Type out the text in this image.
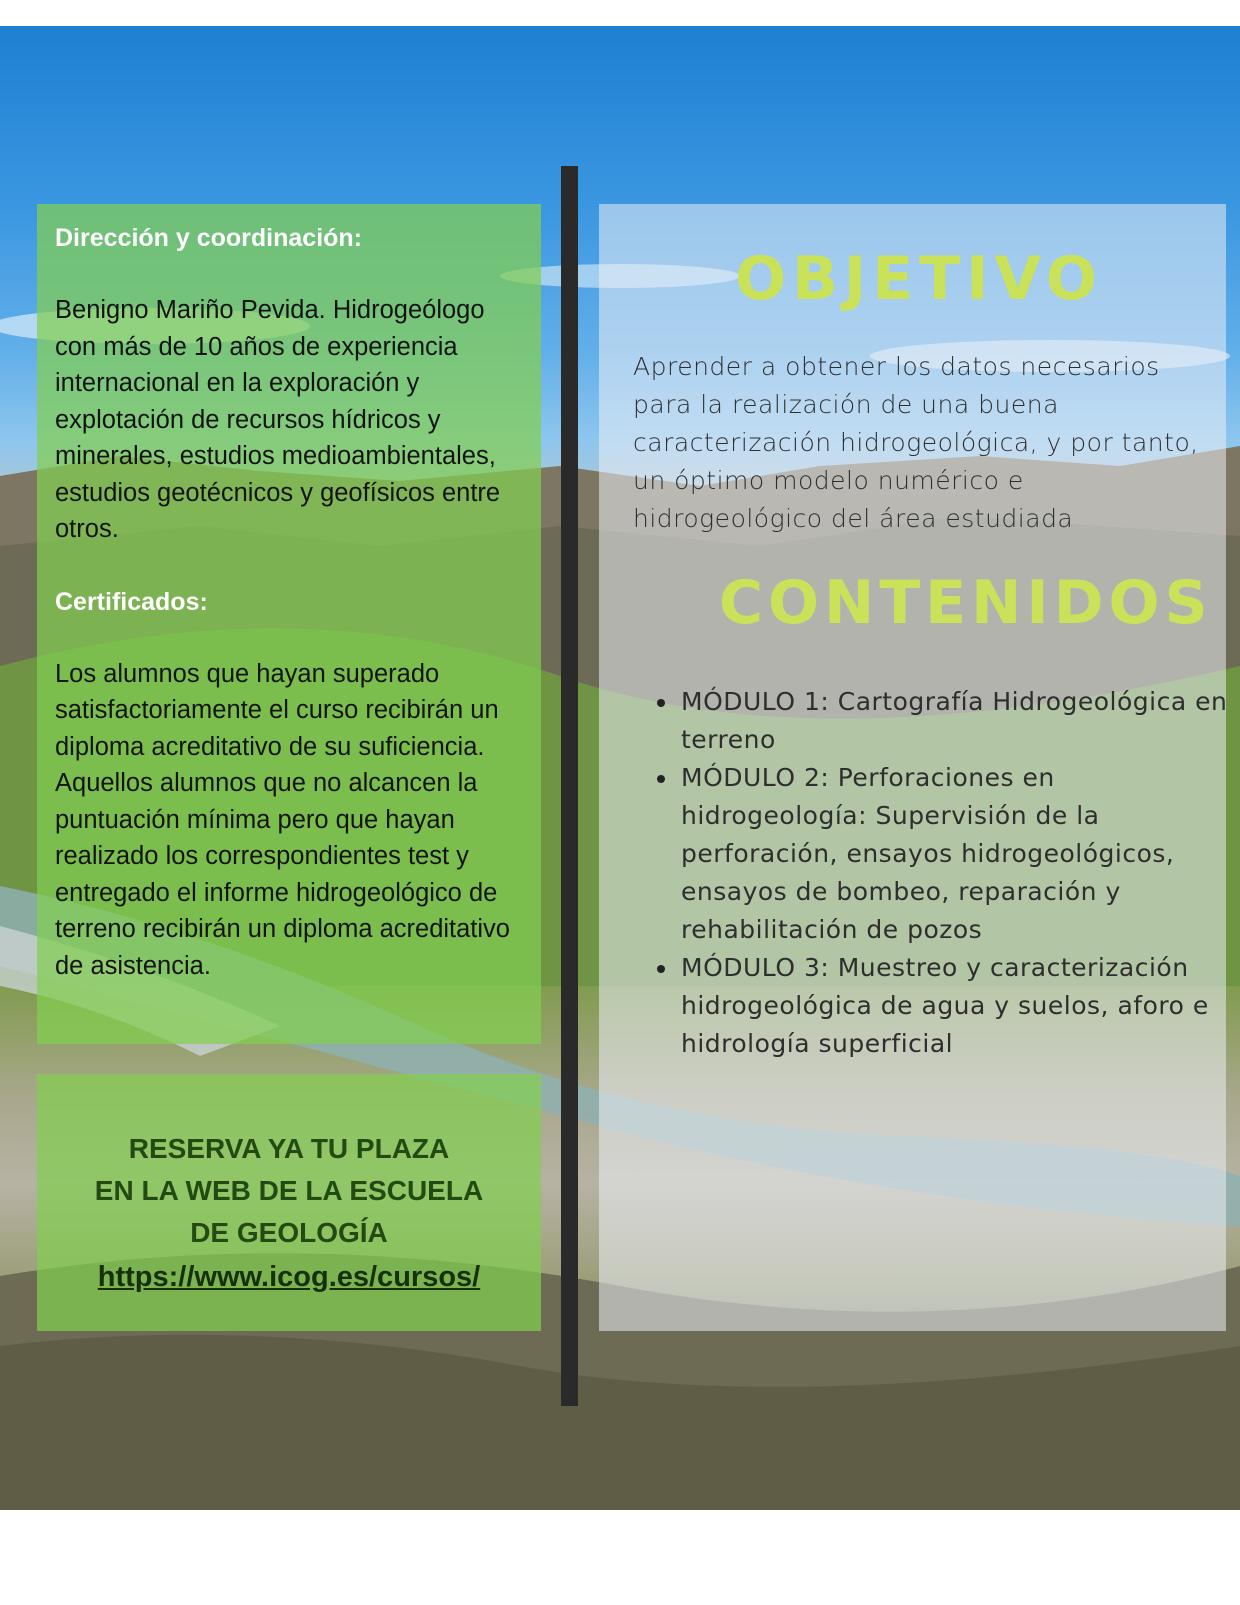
Dirección y coordinación:

Benigno Mariño Pevida. Hidrogeólogo con más de 10 años de experiencia internacional en la exploración y explotación de recursos hídricos y minerales, estudios medioambientales, estudios geotécnicos y geofísicos entre otros.

Certificados:

Los alumnos que hayan superado satisfactoriamente el curso recibirán un diploma acreditativo de su suficiencia. Aquellos alumnos que no alcancen la puntuación mínima pero que hayan realizado los correspondientes test y entregado el informe hidrogeológico de terreno recibirán un diploma acreditativo de asistencia.

RESERVA YA TU PLAZA
EN LA WEB DE LA ESCUELA
DE GEOLOGÍA
https://www.icog.es/cursos/
OBJETIVO
Aprender a obtener los datos necesarios para la realización de una buena caracterización hidrogeológica, y por tanto, un óptimo modelo numérico e hidrogeológico del área estudiada
CONTENIDOS
• MÓDULO 1: Cartografía Hidrogeológica en terreno
• MÓDULO 2: Perforaciones en hidrogeología: Supervisión de la perforación, ensayos hidrogeológicos, ensayos de bombeo, reparación y rehabilitación de pozos
• MÓDULO 3: Muestreo y caracterización hidrogeológica de agua y suelos, aforo e hidrología superficial
